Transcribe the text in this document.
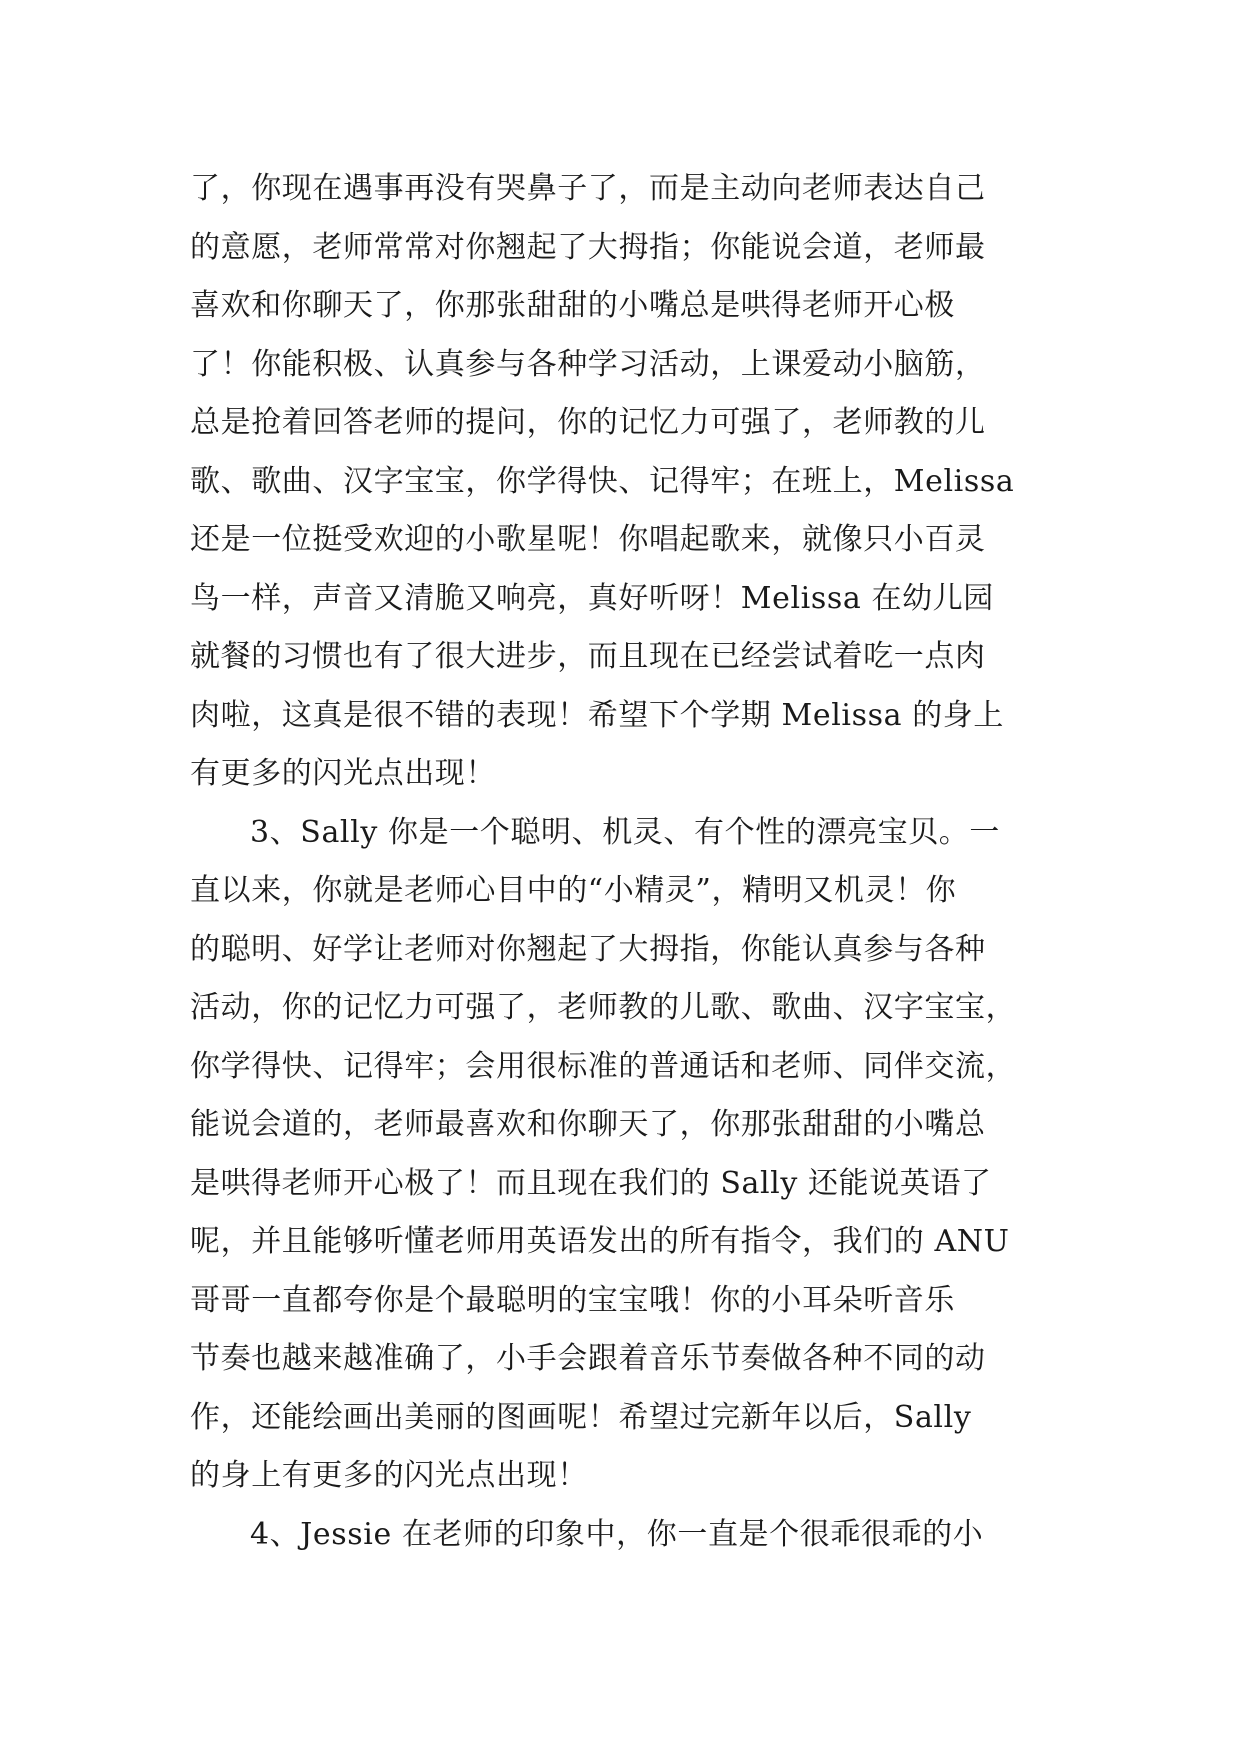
了，你现在遇事再没有哭鼻子了，而是主动向老师表达自己
的意愿，老师常常对你翘起了大拇指；你能说会道，老师最
喜欢和你聊天了，你那张甜甜的小嘴总是哄得老师开心极
了！你能积极、认真参与各种学习活动，上课爱动小脑筋，
总是抢着回答老师的提问，你的记忆力可强了，老师教的儿
歌、歌曲、汉字宝宝，你学得快、记得牢；在班上，Melissa
还是一位挺受欢迎的小歌星呢！你唱起歌来，就像只小百灵
鸟一样，声音又清脆又响亮，真好听呀！Melissa 在幼儿园
就餐的习惯也有了很大进步，而且现在已经尝试着吃一点肉
肉啦，这真是很不错的表现！希望下个学期 Melissa 的身上
有更多的闪光点出现！
3、Sally 你是一个聪明、机灵、有个性的漂亮宝贝。一
直以来，你就是老师心目中的“小精灵”，精明又机灵！你
的聪明、好学让老师对你翘起了大拇指，你能认真参与各种
活动，你的记忆力可强了，老师教的儿歌、歌曲、汉字宝宝，
你学得快、记得牢；会用很标准的普通话和老师、同伴交流，
能说会道的，老师最喜欢和你聊天了，你那张甜甜的小嘴总
是哄得老师开心极了！而且现在我们的 Sally 还能说英语了
呢，并且能够听懂老师用英语发出的所有指令，我们的 ANU
哥哥一直都夸你是个最聪明的宝宝哦！你的小耳朵听音乐
节奏也越来越准确了，小手会跟着音乐节奏做各种不同的动
作，还能绘画出美丽的图画呢！希望过完新年以后，Sally
的身上有更多的闪光点出现！
4、Jessie 在老师的印象中，你一直是个很乖很乖的小
